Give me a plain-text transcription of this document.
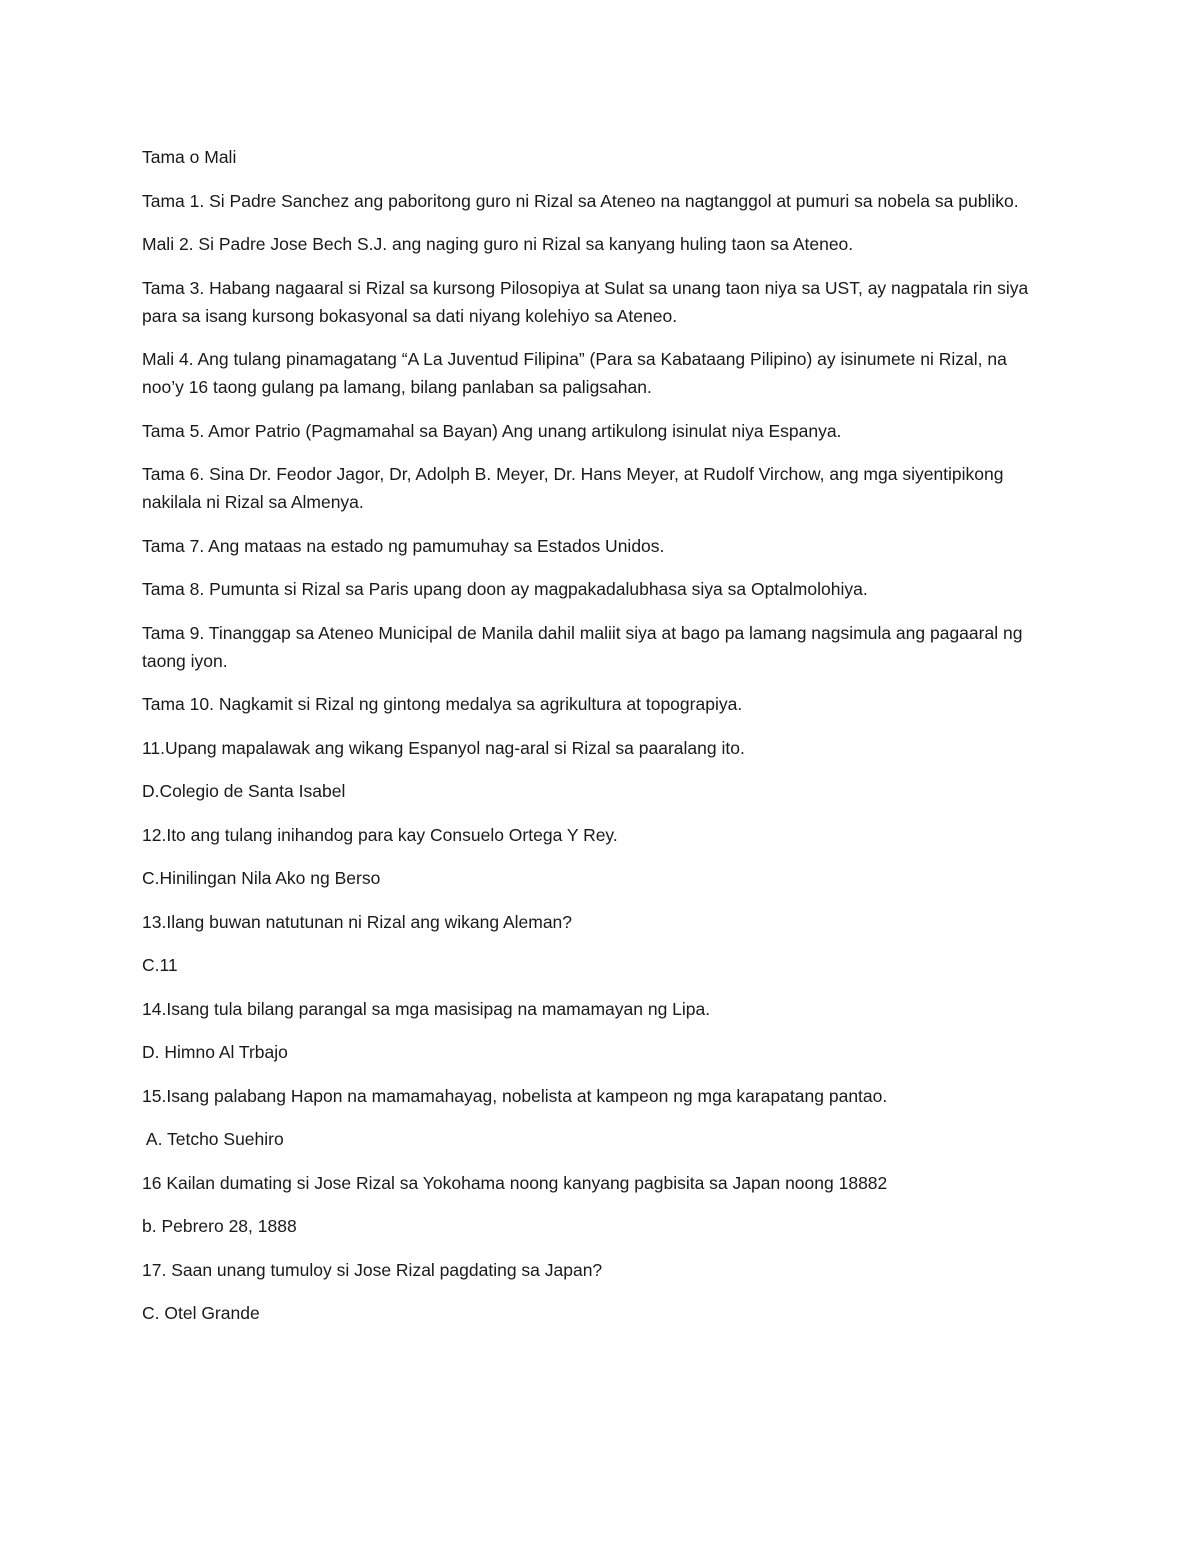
Tama o Mali

Tama 1. Si Padre Sanchez ang paboritong guro ni Rizal sa Ateneo na nagtanggol at pumuri sa nobela sa publiko.

Mali 2. Si Padre Jose Bech S.J. ang naging guro ni Rizal sa kanyang huling taon sa Ateneo.

Tama 3. Habang nagaaral si Rizal sa kursong Pilosopiya at Sulat sa unang taon niya sa UST, ay nagpatala rin siya para sa isang kursong bokasyonal sa dati niyang kolehiyo sa Ateneo.

Mali 4. Ang tulang pinamagatang “A La Juventud Filipina” (Para sa Kabataang Pilipino) ay isinumete ni Rizal, na noo’y 16 taong gulang pa lamang, bilang panlaban sa paligsahan.

Tama 5. Amor Patrio (Pagmamahal sa Bayan) Ang unang artikulong isinulat niya Espanya.

Tama 6. Sina Dr. Feodor Jagor, Dr, Adolph B. Meyer, Dr. Hans Meyer, at Rudolf Virchow, ang mga siyentipikong nakilala ni Rizal sa Almenya.

Tama 7. Ang mataas na estado ng pamumuhay sa Estados Unidos.

Tama 8. Pumunta si Rizal sa Paris upang doon ay magpakadalubhasa siya sa Optalmolohiya.

Tama 9. Tinanggap sa Ateneo Municipal de Manila dahil maliit siya at bago pa lamang nagsimula ang pagaaral ng taong iyon.

Tama 10. Nagkamit si Rizal ng gintong medalya sa agrikultura at topograpiya.

11.Upang mapalawak ang wikang Espanyol nag-aral si Rizal sa paaralang ito.

D.Colegio de Santa Isabel

12.Ito ang tulang inihandog para kay Consuelo Ortega Y Rey.

C.Hinilingan Nila Ako ng Berso

13.Ilang buwan natutunan ni Rizal ang wikang Aleman?

C.11

14.Isang tula bilang parangal sa mga masisipag na mamamayan ng Lipa.

D. Himno Al Trbajo

15.Isang palabang Hapon na mamamahayag, nobelista at kampeon ng mga karapatang pantao.

A. Tetcho Suehiro

16 Kailan dumating si Jose Rizal sa Yokohama noong kanyang pagbisita sa Japan noong 18882

b. Pebrero 28, 1888

17. Saan unang tumuloy si Jose Rizal pagdating sa Japan?

C. Otel Grande
